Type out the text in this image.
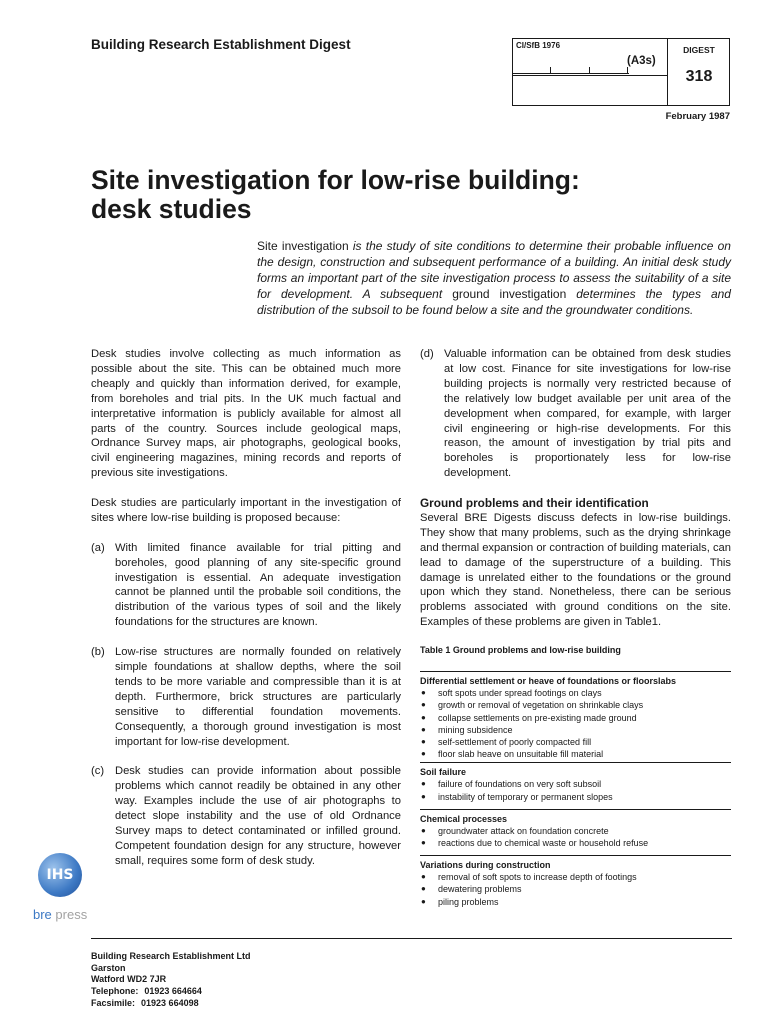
Building Research Establishment Digest	CI/SfB 1976
(A3s)
DIGEST
318
February 1987
Site investigation for low-rise building:
desk studies
Site investigation is the study of site conditions to determine their probable influence on the design, construction and subsequent performance of a building. An initial desk study forms an important part of the site investigation process to assess the suitability of a site for development. A subsequent ground investigation determines the types and distribution of the subsoil to be found below a site and the groundwater conditions.

Desk studies involve collecting as much information as possible about the site. This can be obtained much more cheaply and quickly than information derived, for example, from boreholes and trial pits. In the UK much factual and interpretative information is publicly available for almost all parts of the country. Sources include geological maps, Ordnance Survey maps, air photographs, geological books, civil engineering magazines, mining records and reports of previous site investigations.

Desk studies are particularly important in the investigation of sites where low-rise building is proposed because:

(a) With limited finance available for trial pitting and boreholes, good planning of any site-specific ground investigation is essential. An adequate investigation cannot be planned until the probable soil conditions, the distribution of the various types of soil and the likely foundations for the structures are known.
(b) Low-rise structures are normally founded on relatively simple foundations at shallow depths, where the soil tends to be more variable and compressible than it is at depth. Furthermore, brick structures are particularly sensitive to differential foundation movements. Consequently, a thorough ground investigation is most important for low-rise development.
(c) Desk studies can provide information about possible problems which cannot readily be obtained in any other way. Examples include the use of air photographs to detect slope instability and the use of old Ordnance Survey maps to detect contaminated or infilled ground. Competent foundation design for any structure, however small, requires some form of desk study.
(d) Valuable information can be obtained from desk studies at low cost. Finance for site investigations for low-rise building projects is normally very restricted because of the relatively low budget available per unit area of the development when compared, for example, with larger civil engineering or high-rise developments. For this reason, the amount of investigation by trial pits and boreholes is proportionately less for low-rise development.
Ground problems and their identification
Several BRE Digests discuss defects in low-rise buildings. They show that many problems, such as the drying shrinkage and thermal expansion or contraction of building materials, can lead to damage of the superstructure of a building. This damage is unrelated either to the foundations or the ground upon which they stand. Nonetheless, there can be serious problems associated with ground conditions on the site. Examples of these problems are given in Table1.
Table 1 Ground problems and low-rise building
Differential settlement or heave of foundations or floorslabs
● soft spots under spread footings on clays
● growth or removal of vegetation on shrinkable clays
● collapse settlements on pre-existing made ground
● mining subsidence
● self-settlement of poorly compacted fill
● floor slab heave on unsuitable fill material
Soil failure
● failure of foundations on very soft subsoil
● instability of temporary or permanent slopes
Chemical processes
● groundwater attack on foundation concrete
● reactions due to chemical waste or household refuse
Variations during construction
● removal of soft spots to increase depth of footings
● dewatering problems
● piling problems
IHS
bre press
Building Research Establishment Ltd
Garston
Watford WD2 7JR
Telephone: 01923 664664
Facsimile: 01923 664098
